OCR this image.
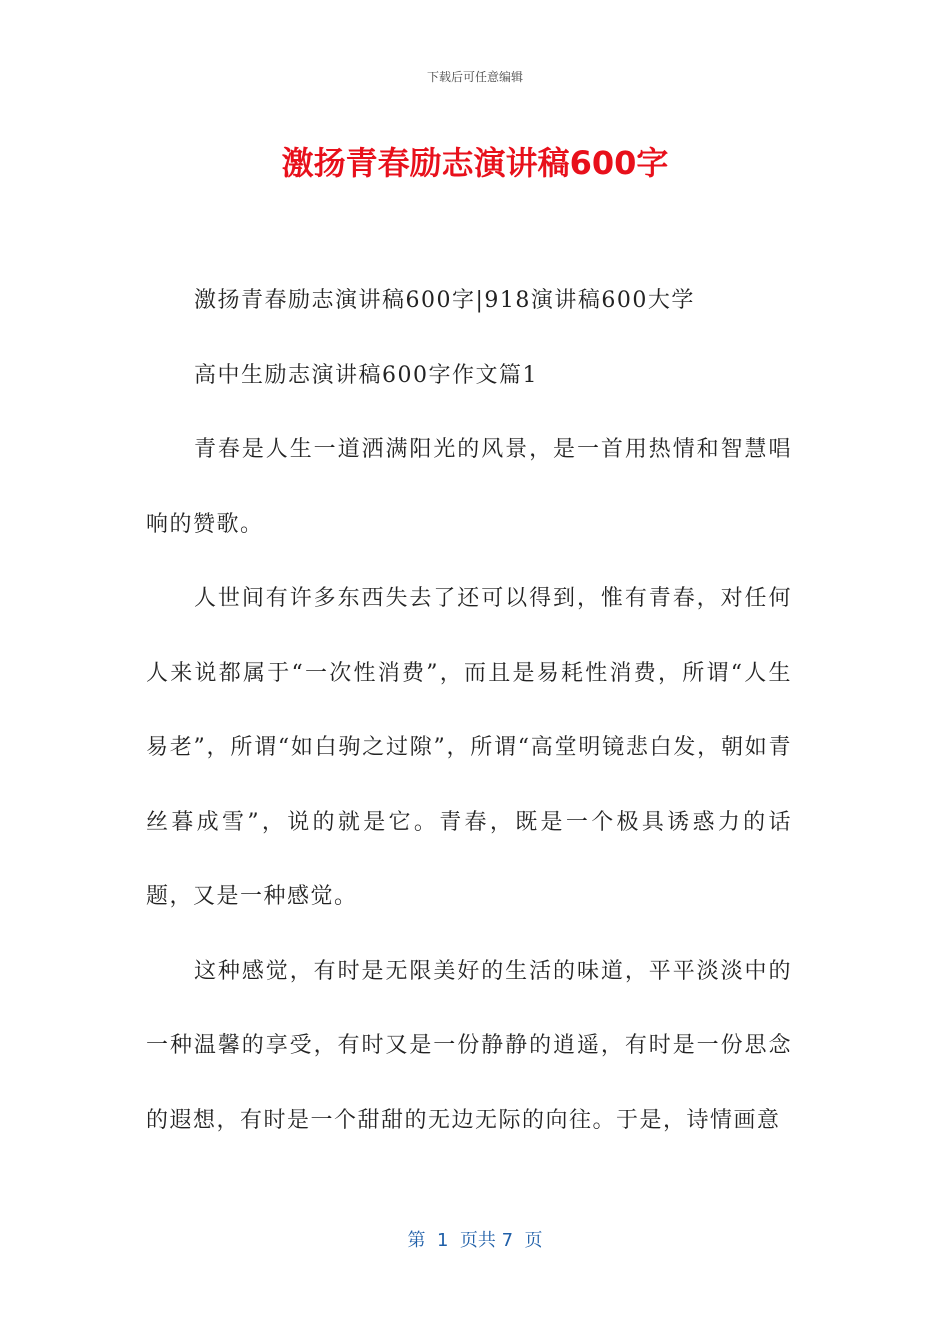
下载后可任意编辑
激扬青春励志演讲稿600字

激扬青春励志演讲稿600字|918演讲稿600大学

高中生励志演讲稿600字作文篇1

青春是人生一道洒满阳光的风景，是一首用热情和智慧唱响的赞歌。

人世间有许多东西失去了还可以得到，惟有青春，对任何人来说都属于“一次性消费”，而且是易耗性消费，所谓“人生易老”，所谓“如白驹之过隙”，所谓“高堂明镜悲白发，朝如青丝暮成雪”，说的就是它。青春，既是一个极具诱惑力的话题，又是一种感觉。

这种感觉，有时是无限美好的生活的味道，平平淡淡中的一种温馨的享受，有时又是一份静静的逍遥，有时是一份思念的遐想，有时是一个甜甜的无边无际的向往。于是，诗情画意

第  1  页共 7  页
